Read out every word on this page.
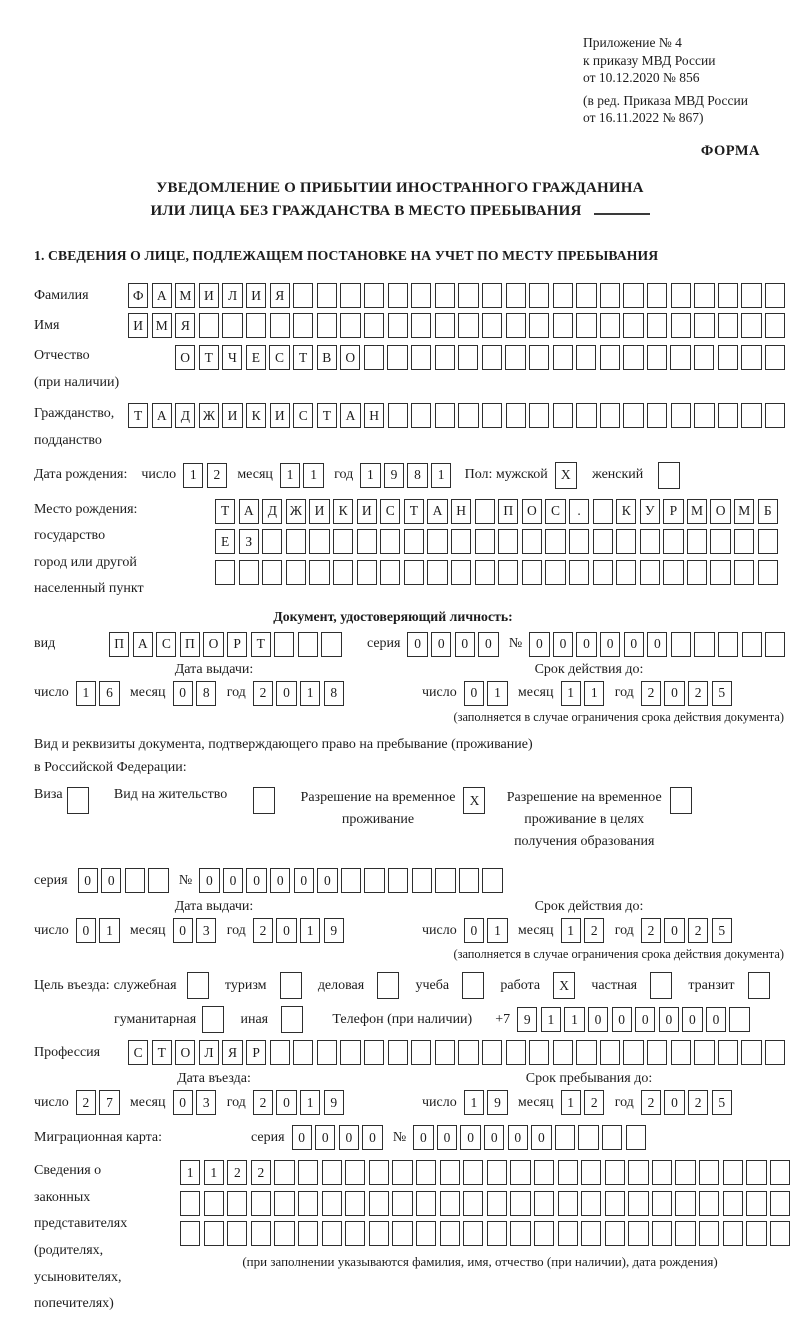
Приложение № 4
к приказу МВД России
от 10.12.2020 № 856
(в ред. Приказа МВД России
от 16.11.2022 № 867)
ФОРМА
УВЕДОМЛЕНИЕ О ПРИБЫТИИ ИНОСТРАННОГО ГРАЖДАНИНА
ИЛИ ЛИЦА БЕЗ ГРАЖДАНСТВА В МЕСТО ПРЕБЫВАНИЯ
1. СВЕДЕНИЯ О ЛИЦЕ, ПОДЛЕЖАЩЕМ ПОСТАНОВКЕ НА УЧЕТ ПО МЕСТУ ПРЕБЫВАНИЯ
Фамилия	Ф А М И	Л	И	Я
Имя	И М Я
Отчество
(при наличии)
О	Т	Ч	Е	С	Т	В	О
Гражданство,
подданство
Т	А	Д Ж И	К	И	С	Т	А	Н
Дата рождения: число	1	2	месяц	1	1	год	1	9	8	1	Пол: мужской X	женский
Место рождения:
государство
город или другой
населенный пункт
Т	А	Д Ж И	К	И	С	Т	А	Н	П	О	С	.	К	У	Р	М О М	Б
Е	З
Документ, удостоверяющий личность:
вид	П	А	С	П	О	Р	Т	серия	0	0	0	0	№	0	0	0	0	0	0
Дата выдачи:
число	1	6	месяц	0	8	год	2	0	1	8
Срок действия до:
число	0	1	месяц	1	1	год	2	0	2	5
(заполняется в случае ограничения срока действия документа)
Вид и реквизиты документа, подтверждающего право на пребывание (проживание)
в Российской Федерации:
Виза	Вид на жительство	Разрешение на временное
проживание
X	Разрешение на временное
проживание в целях
получения образования
серия	0	0	№	0	0	0	0	0	0
Дата выдачи:
число	0	1	месяц	0	3	год	2	0	1	9
Срок действия до:
число	0	1	месяц	1	2	год	2	0	2	5
(заполняется в случае ограничения срока действия документа)
Цель въезда: служебная	туризм	деловая	учеба	работа	X	частная	транзит
гуманитарная	иная	Телефон (при наличии) +7	9	1	1	0	0	0	0	0	0
Профессия	С	Т	О	Л	Я	Р
Дата въезда:
число	2	7	месяц	0	3	год	2	0	1	9
Срок пребывания до:
число	1	9	месяц	1	2	год	2	0	2	5
Миграционная карта:	серия	0	0	0	0	№	0	0	0	0	0	0
Сведения о
законных
представителях
(родителях,
усыновителях,
попечителях)
1	1	2	2
(при заполнении указываются фамилия, имя, отчество (при наличии), дата рождения)
